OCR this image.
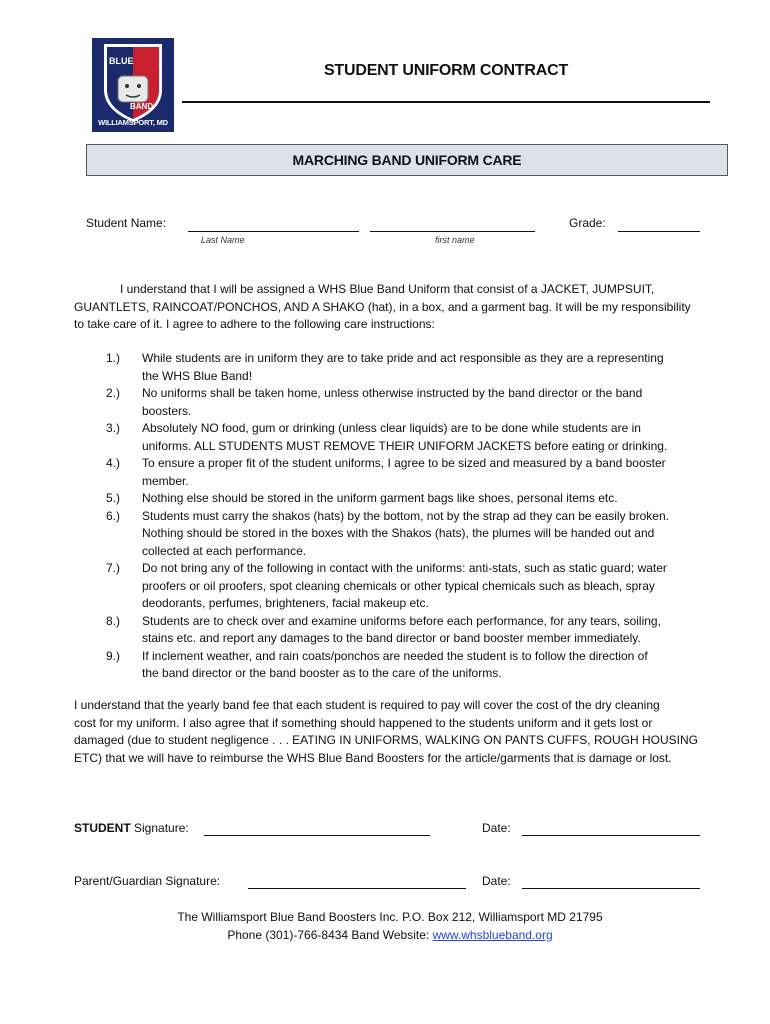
BLUE
BAND
WILLIAMSPORT, MD
STUDENT UNIFORM CONTRACT
MARCHING BAND UNIFORM CARE
Student Name:
Last Name	first name
Grade:
I understand that I will be assigned a WHS Blue Band Uniform that consist of a JACKET, JUMPSUIT,
GUANTLETS, RAINCOAT/PONCHOS, AND A SHAKO (hat), in a box, and a garment bag. It will be my responsibility
to take care of it. I agree to adhere to the following care instructions:
1.)	While students are in uniform they are to take pride and act responsible as they are a representing
the WHS Blue Band!
2.)	No uniforms shall be taken home, unless otherwise instructed by the band director or the band
boosters.
3.)	Absolutely NO food, gum or drinking (unless clear liquids) are to be done while students are in
uniforms. ALL STUDENTS MUST REMOVE THEIR UNIFORM JACKETS before eating or drinking.
4.)	To ensure a proper fit of the student uniforms, I agree to be sized and measured by a band booster
member.
5.)	Nothing else should be stored in the uniform garment bags like shoes, personal items etc.
6.)	Students must carry the shakos (hats) by the bottom, not by the strap ad they can be easily broken.
Nothing should be stored in the boxes with the Shakos (hats), the plumes will be handed out and
collected at each performance.
7.)	Do not bring any of the following in contact with the uniforms: anti-stats, such as static guard; water
proofers or oil proofers, spot cleaning chemicals or other typical chemicals such as bleach, spray
deodorants, perfumes, brighteners, facial makeup etc.
8.)	Students are to check over and examine uniforms before each performance, for any tears, soiling,
stains etc. and report any damages to the band director or band booster member immediately.
9.)	If inclement weather, and rain coats/ponchos are needed the student is to follow the direction of
the band director or the band booster as to the care of the uniforms.
I understand that the yearly band fee that each student is required to pay will cover the cost of the dry cleaning
cost for my uniform. I also agree that if something should happened to the students uniform and it gets lost or
damaged (due to student negligence . . . EATING IN UNIFORMS, WALKING ON PANTS CUFFS, ROUGH HOUSING
ETC) that we will have to reimburse the WHS Blue Band Boosters for the article/garments that is damage or lost.
STUDENT Signature:	Date:
Parent/Guardian Signature:	Date:
The Williamsport Blue Band Boosters Inc. P.O. Box 212, Williamsport MD 21795
Phone (301)-766-8434 Band Website: www.whsblueband.org
